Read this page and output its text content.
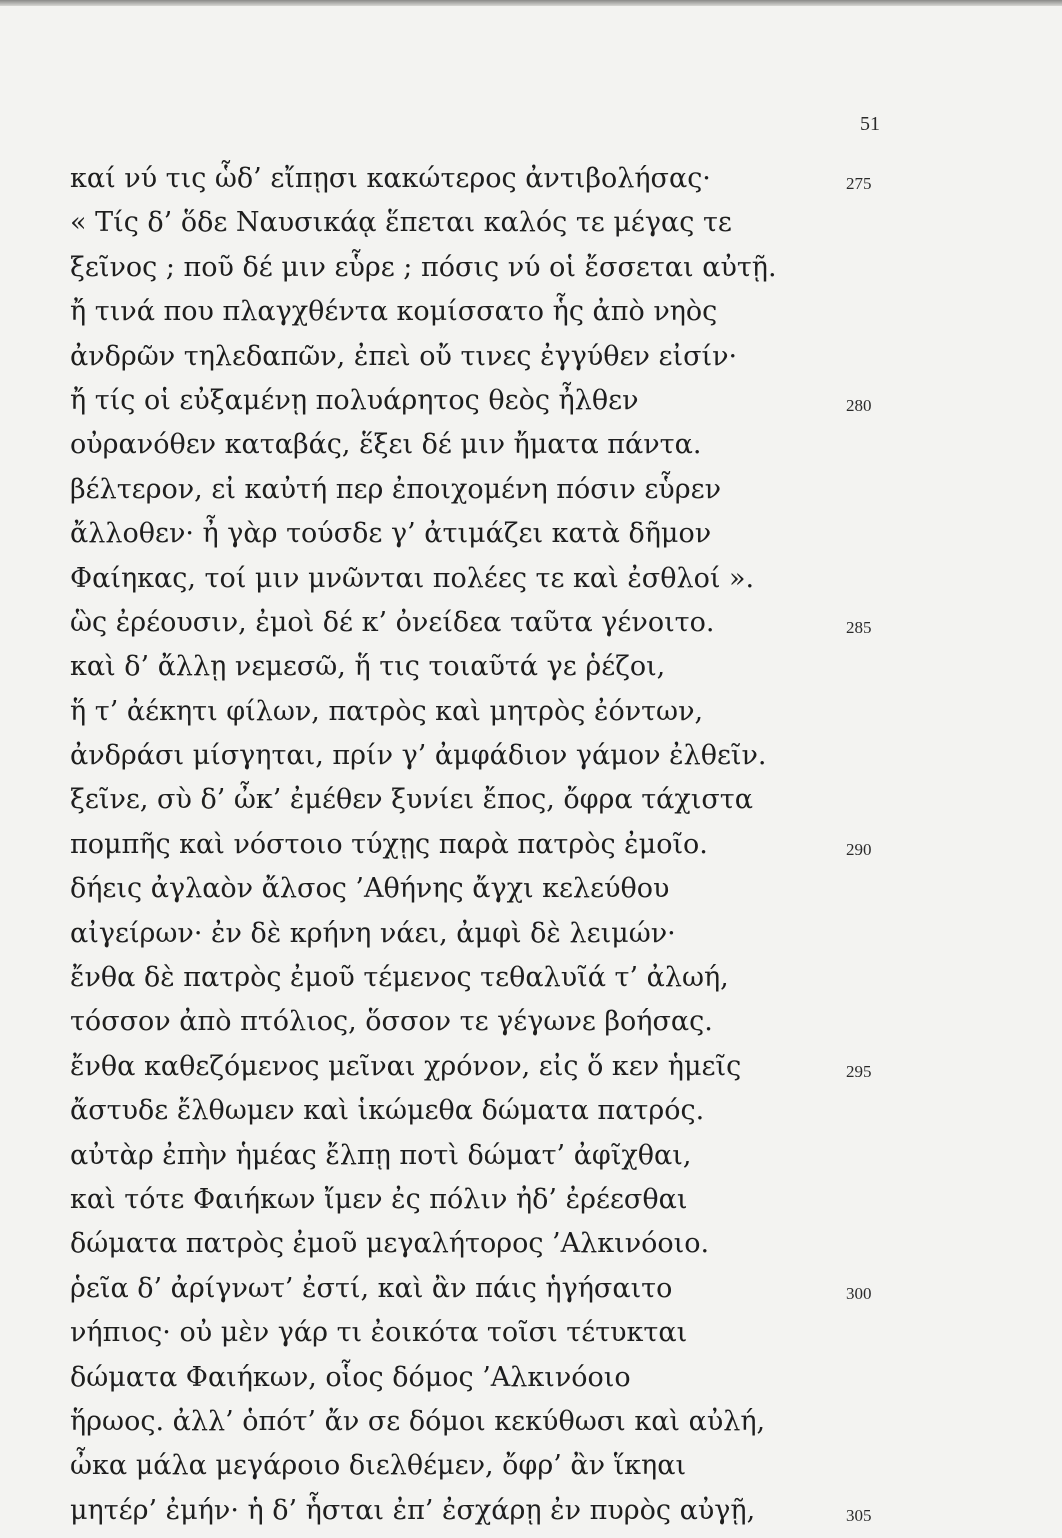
51
καί νύ τις ὧδ’ εἴπῃσι κακώτερος ἀντιβολήσας·	275
« Τίς δ’ ὅδε Ναυσικάᾳ ἕπεται καλός τε μέγας τε
ξεῖνος ; ποῦ δέ μιν εὗρε ; πόσις νύ οἱ ἔσσεται αὐτῇ.
ἤ τινά που πλαγχθέντα κομίσσατο ἧς ἀπὸ νηὸς
ἀνδρῶν τηλεδαπῶν, ἐπεὶ οὔ τινες ἐγγύθεν εἰσίν·
ἤ τίς οἱ εὐξαμένῃ πολυάρητος θεὸς ἦλθεν	280
οὐρανόθεν καταβάς, ἕξει δέ μιν ἤματα πάντα.
βέλτερον, εἰ καὐτή περ ἐποιχομένη πόσιν εὗρεν
ἄλλοθεν· ἦ γὰρ τούσδε γ’ ἀτιμάζει κατὰ δῆμον
Φαίηκας, τοί μιν μνῶνται πολέες τε καὶ ἐσθλοί ».
ὣς ἐρέουσιν, ἐμοὶ δέ κ’ ὀνείδεα ταῦτα γένοιτο.	285
καὶ δ’ ἄλλῃ νεμεσῶ, ἥ τις τοιαῦτά γε ῥέζοι,
ἥ τ’ ἀέκητι φίλων, πατρὸς καὶ μητρὸς ἐόντων,
ἀνδράσι μίσγηται, πρίν γ’ ἀμφάδιον γάμον ἐλθεῖν.
ξεῖνε, σὺ δ’ ὦκ’ ἐμέθεν ξυνίει ἔπος, ὄφρα τάχιστα
πομπῆς καὶ νόστοιο τύχῃς παρὰ πατρὸς ἐμοῖο.	290
δήεις ἀγλαὸν ἄλσος ’Αθήνης ἄγχι κελεύθου
αἰγείρων· ἐν δὲ κρήνη νάει, ἀμφὶ δὲ λειμών·
ἔνθα δὲ πατρὸς ἐμοῦ τέμενος τεθαλυῖά τ’ ἀλωή,
τόσσον ἀπὸ πτόλιος, ὅσσον τε γέγωνε βοήσας.
ἔνθα καθεζόμενος μεῖναι χρόνον, εἰς ὅ κεν ἡμεῖς	295
ἄστυδε ἔλθωμεν καὶ ἱκώμεθα δώματα πατρός.
αὐτὰρ ἐπὴν ἡμέας ἔλπῃ ποτὶ δώματ’ ἀφῖχθαι,
καὶ τότε Φαιήκων ἴμεν ἐς πόλιν ἠδ’ ἐρέεσθαι
δώματα πατρὸς ἐμοῦ μεγαλήτορος ’Αλκινόοιο.
ῥεῖα δ’ ἀρίγνωτ’ ἐστί, καὶ ἂν πάις ἡγήσαιτο	300
νήπιος· οὐ μὲν γάρ τι ἐοικότα τοῖσι τέτυκται
δώματα Φαιήκων, οἷος δόμος ’Αλκινόοιο
ἥρωος. ἀλλ’ ὁπότ’ ἄν σε δόμοι κεκύθωσι καὶ αὐλή,
ὦκα μάλα μεγάροιο διελθέμεν, ὄφρ’ ἂν ἵκηαι
μητέρ’ ἐμήν· ἡ δ’ ἧσται ἐπ’ ἐσχάρῃ ἐν πυρὸς αὐγῇ,	305
